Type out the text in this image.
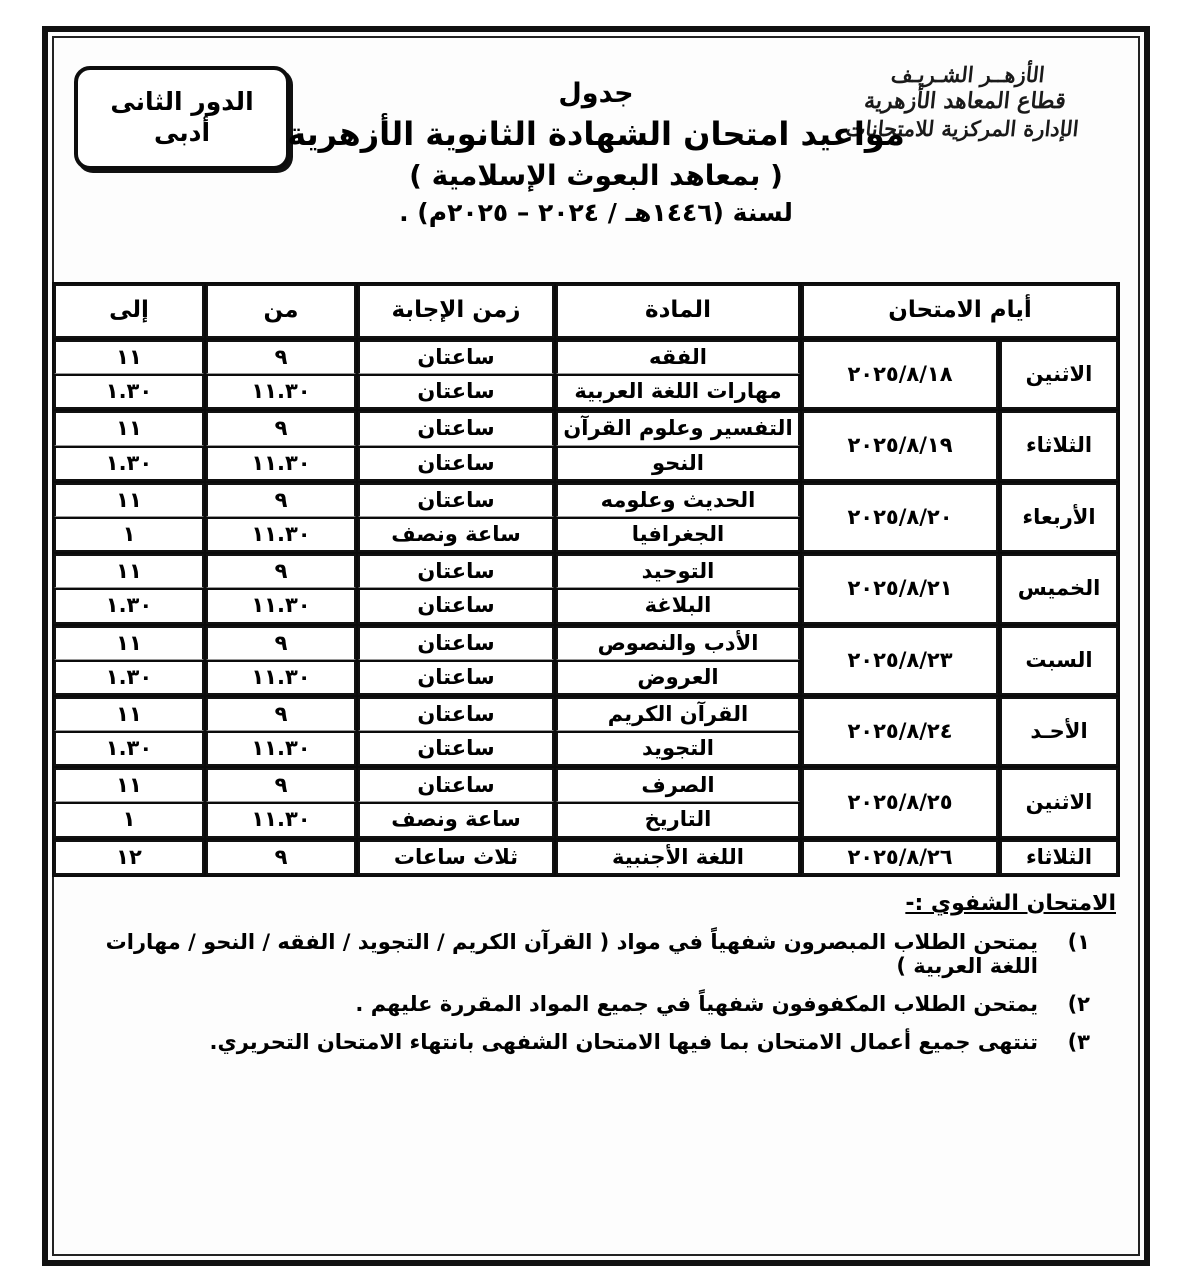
الدور الثانى
أدبى
الأزهــر الشـريـف
قطاع المعاهد الأزهرية
الإدارة المركزية للامتحانات
جدول
مواعيد امتحان الشهادة الثانوية الأزهرية
( بمعاهد البعوث الإسلامية )
لسنة (١٤٤٦هـ / ٢٠٢٤ – ٢٠٢٥م) .
أيام الامتحان		المادة	زمن الإجابة	من	إلى
الاثنين	٢٠٢٥/٨/١٨	الفقه	ساعتان	٩	١١
		مهارات اللغة العربية	ساعتان	١١.٣٠	١.٣٠
الثلاثاء	٢٠٢٥/٨/١٩	التفسير وعلوم القرآن	ساعتان	٩	١١
		النحو	ساعتان	١١.٣٠	١.٣٠
الأربعاء	٢٠٢٥/٨/٢٠	الحديث وعلومه	ساعتان	٩	١١
		الجغرافيا	ساعة ونصف	١١.٣٠	١
الخميس	٢٠٢٥/٨/٢١	التوحيد	ساعتان	٩	١١
		البلاغة	ساعتان	١١.٣٠	١.٣٠
السبت	٢٠٢٥/٨/٢٣	الأدب والنصوص	ساعتان	٩	١١
		العروض	ساعتان	١١.٣٠	١.٣٠
الأحـد	٢٠٢٥/٨/٢٤	القرآن الكريم	ساعتان	٩	١١
		التجويد	ساعتان	١١.٣٠	١.٣٠
الاثنين	٢٠٢٥/٨/٢٥	الصرف	ساعتان	٩	١١
		التاريخ	ساعة ونصف	١١.٣٠	١
الثلاثاء	٢٠٢٥/٨/٢٦	اللغة الأجنبية	ثلاث ساعات	٩	١٢
الامتحان الشفوي :-
١)
يمتحن الطلاب المبصرون شفهياً في مواد ( القرآن الكريم / التجويد / الفقه / النحو / مهارات اللغة العربية )
٢)
يمتحن الطلاب المكفوفون شفهياً في جميع المواد المقررة عليهم .
٣)
تنتهى جميع أعمال الامتحان بما فيها الامتحان الشفهى بانتهاء الامتحان التحريري.
